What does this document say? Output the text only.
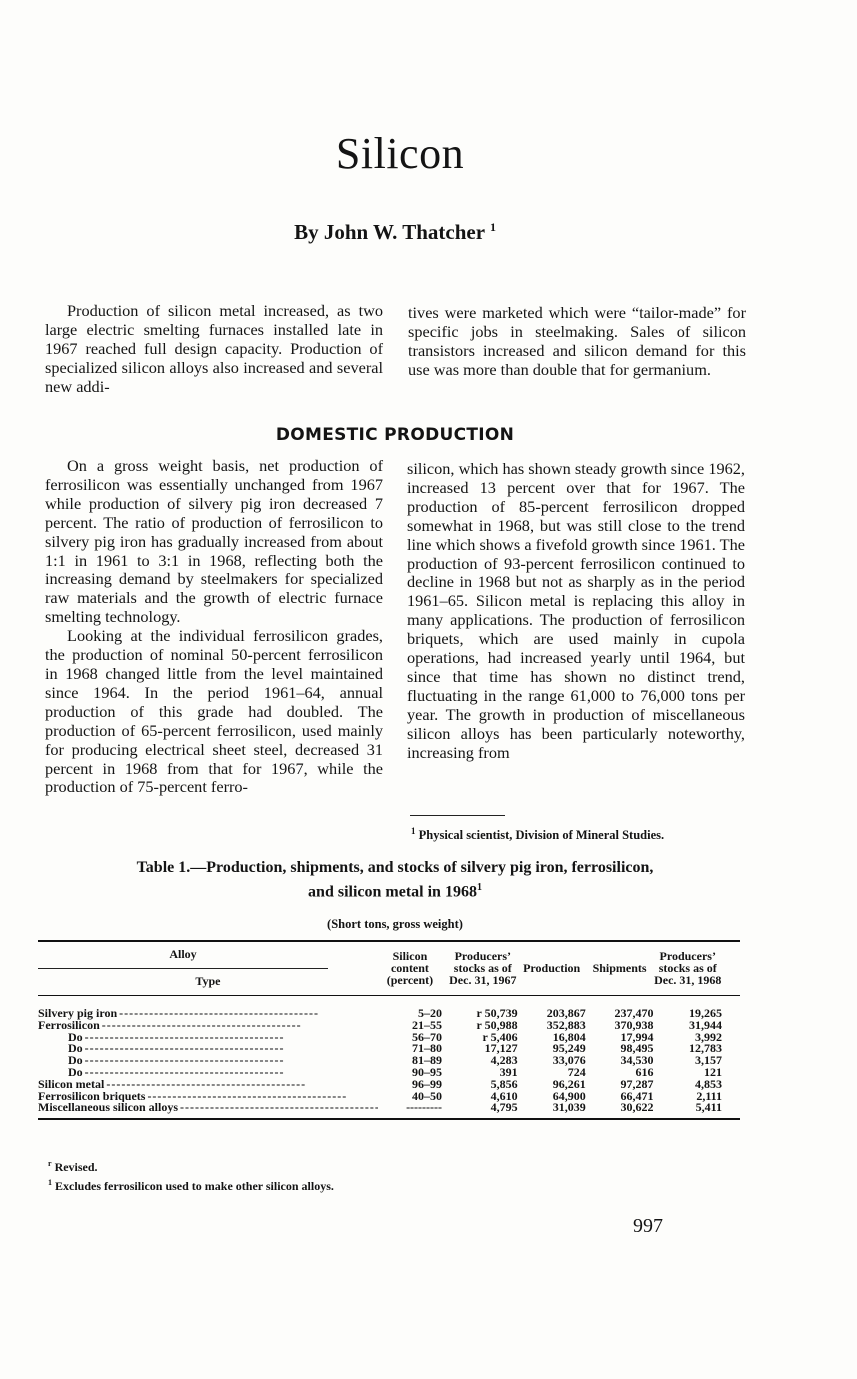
Silicon
By John W. Thatcher $^1$

Production of silicon metal increased, as two large electric smelting furnaces installed late in 1967 reached full design capacity. Production of specialized silicon alloys also increased and several new addi-

tives were marketed which were “tailor-made” for specific jobs in steelmaking. Sales of silicon transistors increased and silicon demand for this use was more than double that for germanium.

DOMESTIC PRODUCTION

On a gross weight basis, net production of ferrosilicon was essentially unchanged from 1967 while production of silvery pig iron decreased 7 percent. The ratio of production of ferrosilicon to silvery pig iron has gradually increased from about 1:1 in 1961 to 3:1 in 1968, reflecting both the increasing demand by steelmakers for specialized raw materials and the growth of electric furnace smelting technology.

Looking at the individual ferrosilicon grades, the production of nominal 50-percent ferrosilicon in 1968 changed little from the level maintained since 1964. In the period 1961–64, annual production of this grade had doubled. The production of 65-percent ferrosilicon, used mainly for producing electrical sheet steel, decreased 31 percent in 1968 from that for 1967, while the production of 75-percent ferro-

silicon, which has shown steady growth since 1962, increased 13 percent over that for 1967. The production of 85-percent ferrosilicon dropped somewhat in 1968, but was still close to the trend line which shows a fivefold growth since 1961. The production of 93-percent ferrosilicon continued to decline in 1968 but not as sharply as in the period 1961–65. Silicon metal is replacing this alloy in many applications. The production of ferrosilicon briquets, which are used mainly in cupola operations, had increased yearly until 1964, but since that time has shown no distinct trend, fluctuating in the range 61,000 to 76,000 tons per year. The growth in production of miscellaneous silicon alloys has been particularly noteworthy, increasing from

$^1$ Physical scientist, Division of Mineral Studies.
Table 1.—Production, shipments, and stocks of silvery pig iron, ferrosilicon,
and silicon metal in 1968$^1$
(Short tons, gross weight)
Alloy
Type	Silicon content (percent)	Producers’ stocks as of Dec. 31, 1967	Production	Shipments	Producers’ stocks as of Dec. 31, 1968

Silvery pig iron - - -	5–20	r 50,739	203,867	237,470	19,265
Ferrosilicon - - -	21–55	r 50,988	352,883	370,938	31,944
Do - - -	56–70	r 5,406	16,804	17,994	3,992
Do - - -	71–80	17,127	95,249	98,495	12,783
Do - - -	81–89	4,283	33,076	34,530	3,157
Do - - -	90–95	391	724	616	121
Silicon metal - - -	96–99	5,856	96,261	97,287	4,853
Ferrosilicon briquets - - -	40–50	4,610	64,900	66,471	2,111
Miscellaneous silicon alloys - - -	---------	4,795	31,039	30,622	5,411

$^r$ Revised.
$^1$ Excludes ferrosilicon used to make other silicon alloys.
997
